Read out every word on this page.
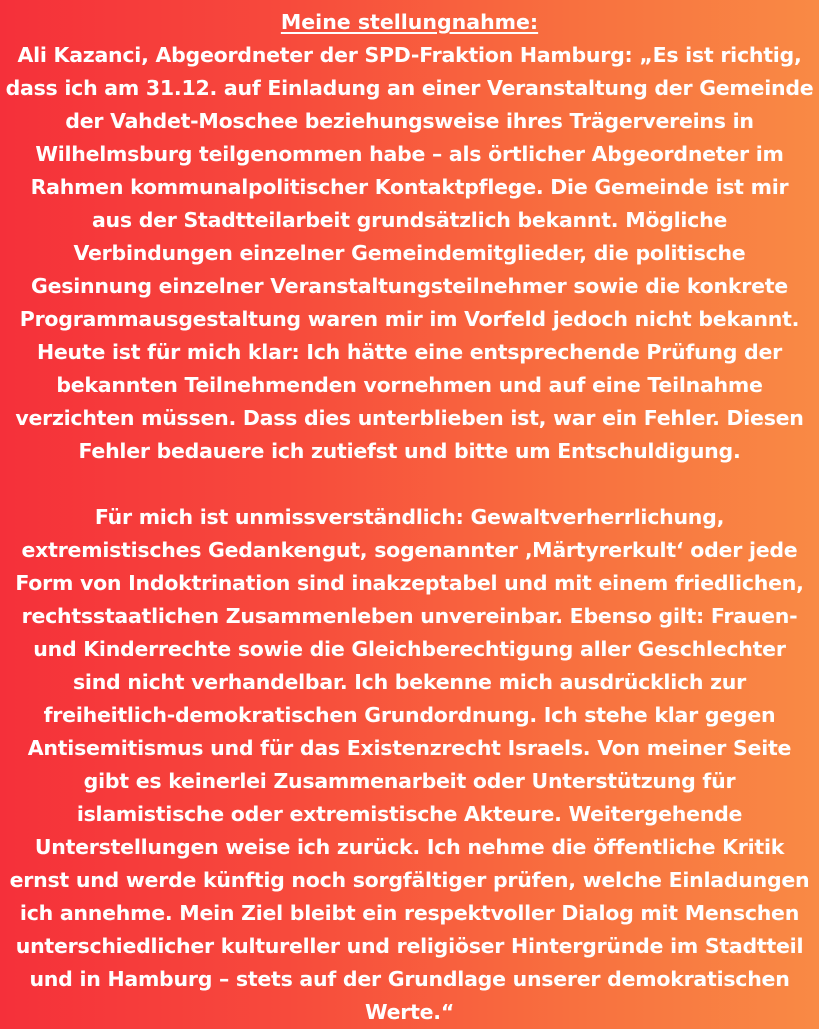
Meine stellungnahme:

Ali Kazanci, Abgeordneter der SPD-Fraktion Hamburg: „Es ist richtig,
dass ich am 31.12. auf Einladung an einer Veranstaltung der Gemeinde
der Vahdet-Moschee beziehungsweise ihres Trägervereins in
Wilhelmsburg teilgenommen habe – als örtlicher Abgeordneter im
Rahmen kommunalpolitischer Kontaktpflege. Die Gemeinde ist mir
aus der Stadtteilarbeit grundsätzlich bekannt. Mögliche
Verbindungen einzelner Gemeindemitglieder, die politische
Gesinnung einzelner Veranstaltungsteilnehmer sowie die konkrete
Programmausgestaltung waren mir im Vorfeld jedoch nicht bekannt.
Heute ist für mich klar: Ich hätte eine entsprechende Prüfung der
bekannten Teilnehmenden vornehmen und auf eine Teilnahme
verzichten müssen. Dass dies unterblieben ist, war ein Fehler. Diesen
Fehler bedauere ich zutiefst und bitte um Entschuldigung.

Für mich ist unmissverständlich: Gewaltverherrlichung,
extremistisches Gedankengut, sogenannter ‚Märtyrerkult‘ oder jede
Form von Indoktrination sind inakzeptabel und mit einem friedlichen,
rechtsstaatlichen Zusammenleben unvereinbar. Ebenso gilt: Frauen-
und Kinderrechte sowie die Gleichberechtigung aller Geschlechter
sind nicht verhandelbar. Ich bekenne mich ausdrücklich zur
freiheitlich-demokratischen Grundordnung. Ich stehe klar gegen
Antisemitismus und für das Existenzrecht Israels. Von meiner Seite
gibt es keinerlei Zusammenarbeit oder Unterstützung für
islamistische oder extremistische Akteure. Weitergehende
Unterstellungen weise ich zurück. Ich nehme die öffentliche Kritik
ernst und werde künftig noch sorgfältiger prüfen, welche Einladungen
ich annehme. Mein Ziel bleibt ein respektvoller Dialog mit Menschen
unterschiedlicher kultureller und religiöser Hintergründe im Stadtteil
und in Hamburg – stets auf der Grundlage unserer demokratischen
Werte.“
